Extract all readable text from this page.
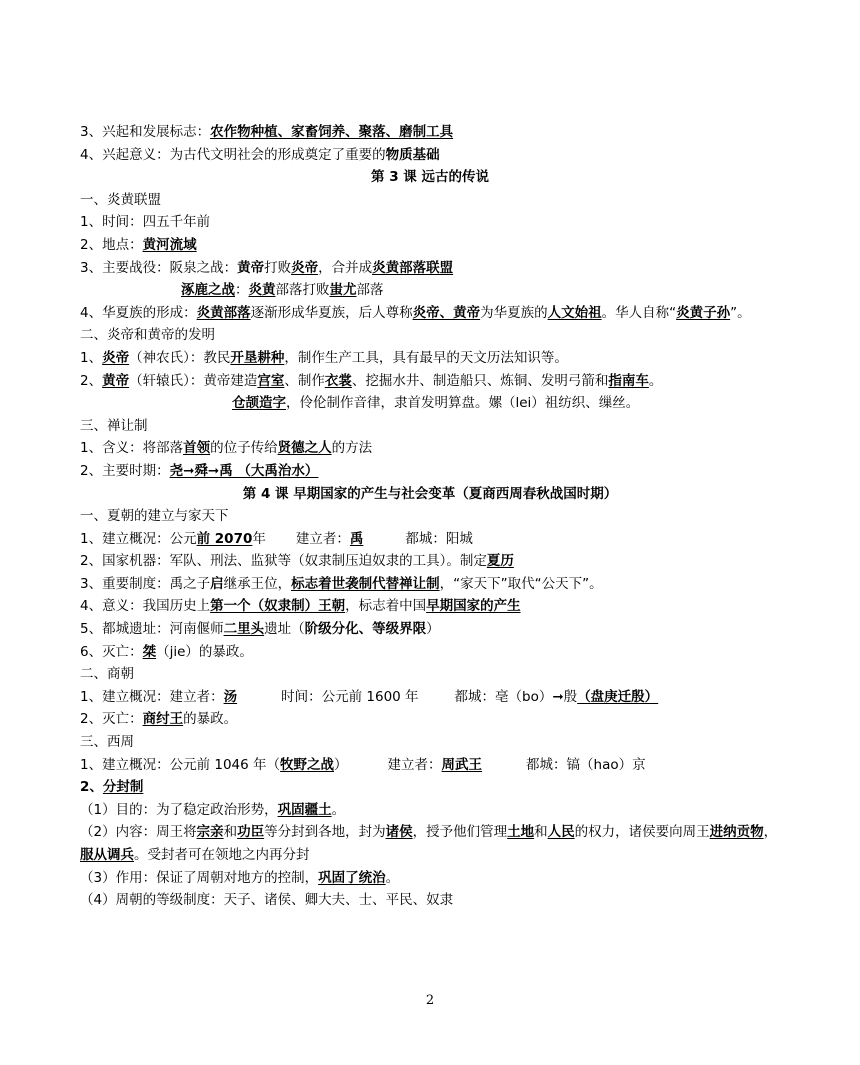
3、兴起和发展标志：农作物种植、家畜饲养、聚落、磨制工具
4、兴起意义：为古代文明社会的形成奠定了重要的物质基础
第 3 课 远古的传说
一、炎黄联盟
1、时间：四五千年前
2、地点：黄河流域
3、主要战役：阪泉之战：黄帝打败炎帝，合并成炎黄部落联盟
涿鹿之战：炎黄部落打败蚩尤部落
4、华夏族的形成：炎黄部落逐渐形成华夏族，后人尊称炎帝、黄帝为华夏族的人文始祖。华人自称“炎黄子孙”。
二、炎帝和黄帝的发明
1、炎帝（神农氏）：教民开垦耕种，制作生产工具，具有最早的天文历法知识等。
2、黄帝（轩辕氏）：黄帝建造宫室、制作衣裳、挖掘水井、制造船只、炼铜、发明弓箭和指南车。
仓颉造字，伶伦制作音律，隶首发明算盘。嫘（lei）祖纺织、缫丝。
三、禅让制
1、含义：将部落首领的位子传给贤德之人的方法
2、主要时期：尧➞舜➞禹 （大禹治水）
第 4 课 早期国家的产生与社会变革（夏商西周春秋战国时期）
一、夏朝的建立与家天下
1、建立概况：公元前 2070年 建立者：禹	都城：阳城
2、国家机器：军队、刑法、监狱等（奴隶制压迫奴隶的工具）。制定夏历
3、重要制度：禹之子启继承王位，标志着世袭制代替禅让制，“家天下”取代“公天下”。
4、意义：我国历史上第一个（奴隶制）王朝，标志着中国早期国家的产生
5、都城遗址：河南偃师二里头遗址（阶级分化、等级界限）
6、灭亡：桀（jie）的暴政。
二、商朝
1、建立概况：建立者：汤	时间：公元前 1600 年	都城：亳（bo）➞殷（盘庚迁殷）
2、灭亡：商纣王的暴政。
三、西周
1、建立概况：公元前 1046 年（牧野之战）	建立者：周武王	都城：镐（hao）京
2、分封制
（1）目的：为了稳定政治形势，巩固疆土。
（2）内容：周王将宗亲和功臣等分封到各地，封为诸侯，授予他们管理土地和人民的权力，诸侯要向周王进纳贡物，服从调兵。受封者可在领地之内再分封
（3）作用：保证了周朝对地方的控制，巩固了统治。
（4）周朝的等级制度：天子、诸侯、卿大夫、士、平民、奴隶
2
